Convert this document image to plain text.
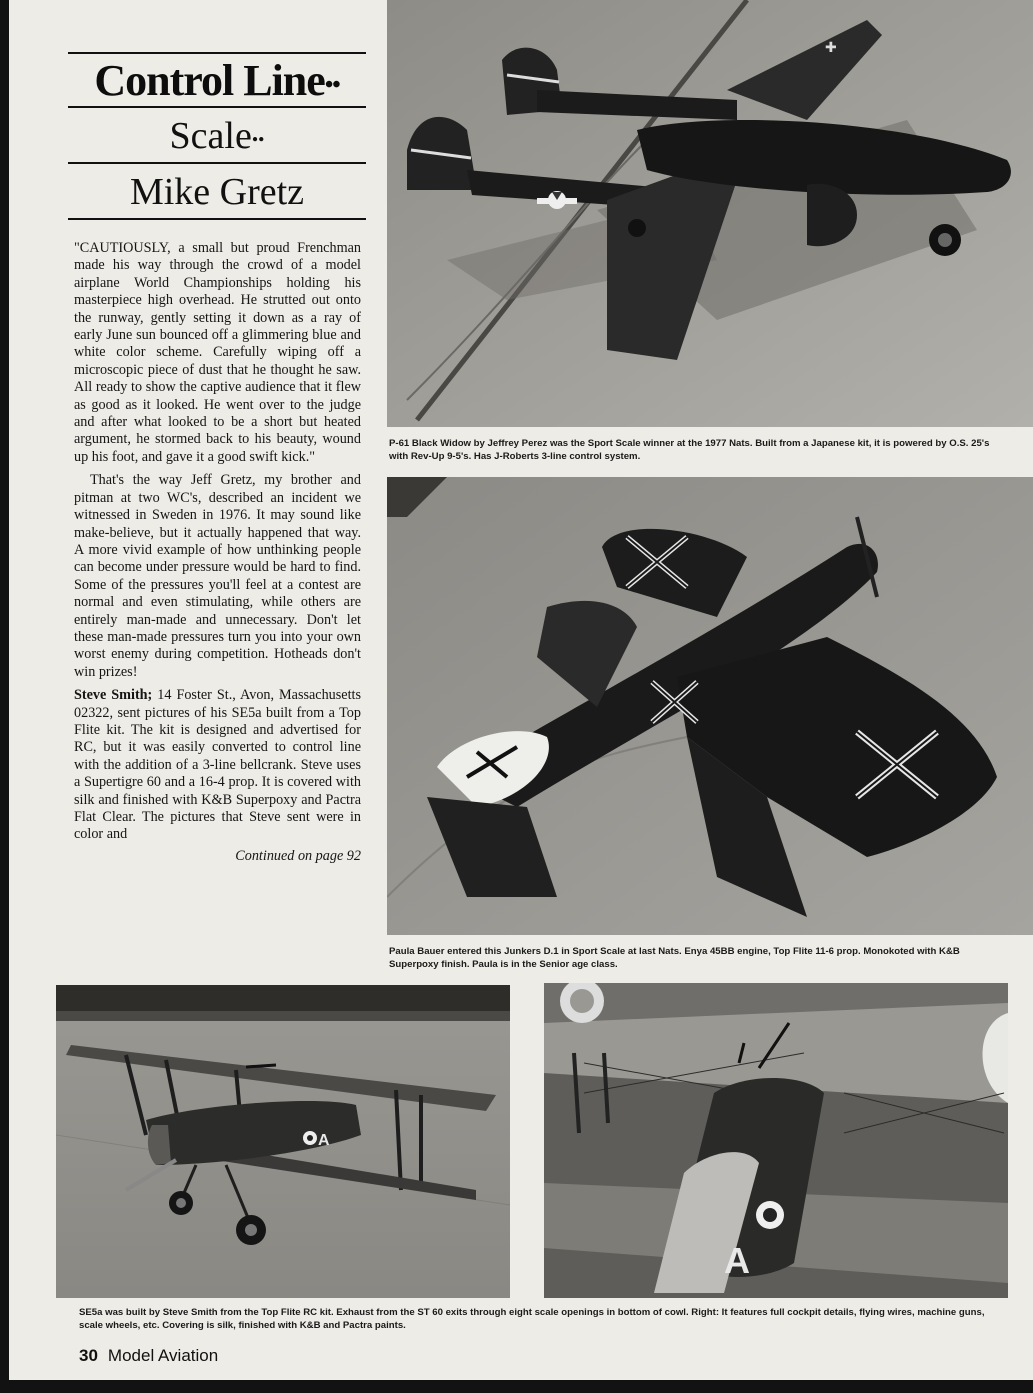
Control Line••
Scale••
Mike Gretz

"CAUTIOUSLY, a small but proud Frenchman made his way through the crowd of a model airplane World Championships holding his masterpiece high overhead. He strutted out onto the runway, gently setting it down as a ray of early June sun bounced off a glimmering blue and white color scheme. Carefully wiping off a microscopic piece of dust that he thought he saw. All ready to show the captive audience that it flew as good as it looked. He went over to the judge and after what looked to be a short but heated argument, he stormed back to his beauty, wound up his foot, and gave it a good swift kick."

That's the way Jeff Gretz, my brother and pitman at two WC's, described an incident we witnessed in Sweden in 1976. It may sound like make-believe, but it actually happened that way. A more vivid example of how unthinking people can become under pressure would be hard to find. Some of the pressures you'll feel at a contest are normal and even stimulating, while others are entirely man-made and unnecessary. Don't let these man-made pressures turn you into your own worst enemy during competition. Hotheads don't win prizes!

Steve Smith; 14 Foster St., Avon, Massachusetts 02322, sent pictures of his SE5a built from a Top Flite kit. The kit is designed and advertised for RC, but it was easily converted to control line with the addition of a 3-line bellcrank. Steve uses a Supertigre 60 and a 16-4 prop. It is covered with silk and finished with K&B Superpoxy and Pactra Flat Clear. The pictures that Steve sent were in color and

Continued on page 92
✚
P-61 Black Widow by Jeffrey Perez was the Sport Scale winner at the 1977 Nats. Built from a Japanese kit, it is powered by O.S. 25's with Rev-Up 9-5's. Has J-Roberts 3-line control system.
Paula Bauer entered this Junkers D.1 in Sport Scale at last Nats. Enya 45BB engine, Top Flite 11-6 prop. Monokoted with K&B Superpoxy finish. Paula is in the Senior age class.
A
A
SE5a was built by Steve Smith from the Top Flite RC kit. Exhaust from the ST 60 exits through eight scale openings in bottom of cowl. Right: It features full cockpit details, flying wires, machine guns, scale wheels, etc. Covering is silk, finished with K&B and Pactra paints.
30 Model Aviation
